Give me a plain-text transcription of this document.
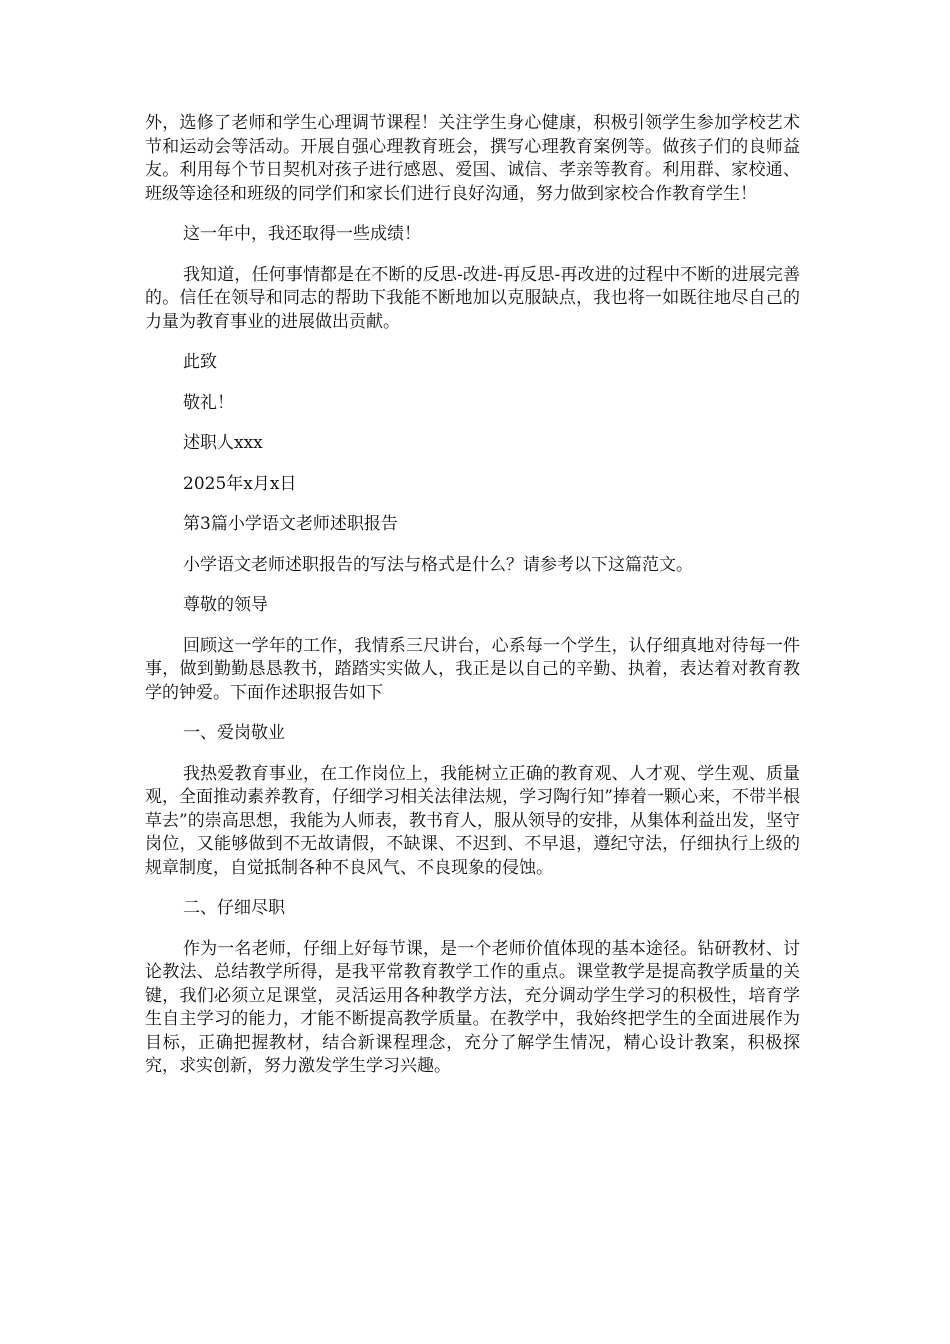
外，选修了老师和学生心理调节课程！关注学生身心健康，积极引领学生参加学校艺术节和运动会等活动。开展自强心理教育班会，撰写心理教育案例等。做孩子们的良师益友。利用每个节日契机对孩子进行感恩、爱国、诚信、孝亲等教育。利用群、家校通、班级等途径和班级的同学们和家长们进行良好沟通，努力做到家校合作教育学生！

这一年中，我还取得一些成绩！

我知道，任何事情都是在不断的反思-改进-再反思-再改进的过程中不断的进展完善的。信任在领导和同志的帮助下我能不断地加以克服缺点，我也将一如既往地尽自己的力量为教育事业的进展做出贡献。

此致

敬礼！

述职人xxx

2025年x月x日

第3篇小学语文老师述职报告

小学语文老师述职报告的写法与格式是什么？请参考以下这篇范文。

尊敬的领导

回顾这一学年的工作，我情系三尺讲台，心系每一个学生，认仔细真地对待每一件事，做到勤勤恳恳教书，踏踏实实做人，我正是以自己的辛勤、执着，表达着对教育教学的钟爱。下面作述职报告如下

一、爱岗敬业

我热爱教育事业，在工作岗位上，我能树立正确的教育观、人才观、学生观、质量观，全面推动素养教育，仔细学习相关法律法规，学习陶行知”捧着一颗心来，不带半根草去”的崇高思想，我能为人师表，教书育人，服从领导的安排，从集体利益出发，坚守岗位，又能够做到不无故请假，不缺课、不迟到、不早退，遵纪守法，仔细执行上级的规章制度，自觉抵制各种不良风气、不良现象的侵蚀。

二、仔细尽职

作为一名老师，仔细上好每节课，是一个老师价值体现的基本途径。钻研教材、讨论教法、总结教学所得，是我平常教育教学工作的重点。课堂教学是提高教学质量的关键，我们必须立足课堂，灵活运用各种教学方法，充分调动学生学习的积极性，培育学生自主学习的能力，才能不断提高教学质量。在教学中，我始终把学生的全面进展作为目标，正确把握教材，结合新课程理念，充分了解学生情况，精心设计教案，积极探究，求实创新，努力激发学生学习兴趣。
